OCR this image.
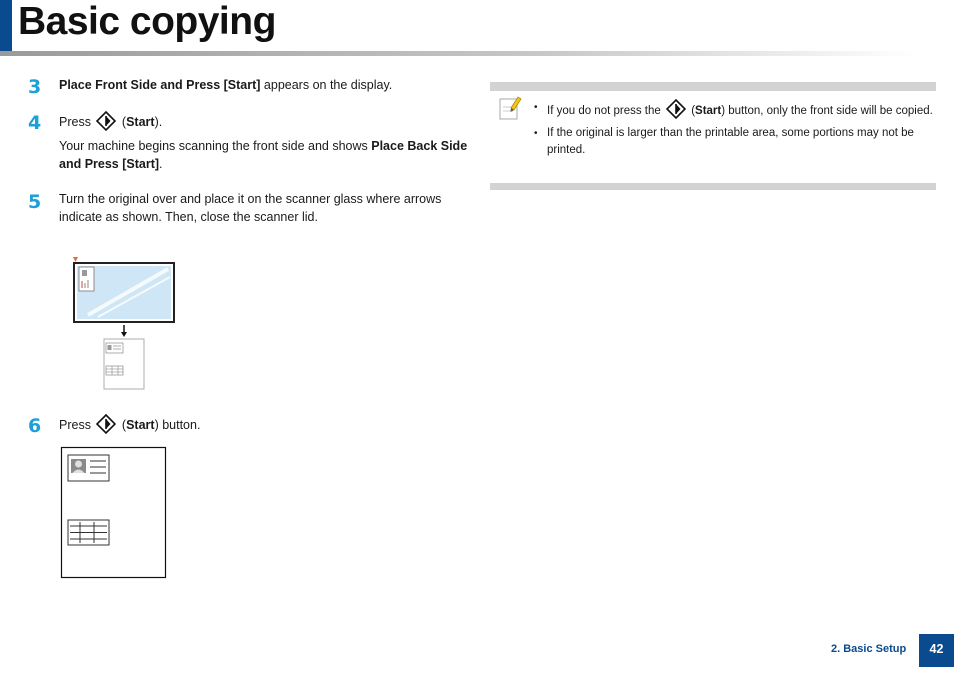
Basic copying
3 Place Front Side and Press [Start] appears on the display.
4 Press  (Start).
Your machine begins scanning the front side and shows Place Back Side and Press [Start].
5 Turn the original over and place it on the scanner glass where arrows
indicate as shown. Then, close the scanner lid.
6 Press  (Start) button.
• If you do not press the  (Start) button, only the front side will be copied.
• If the original is larger than the printable area, some portions may not be printed.
2. Basic Setup	42
